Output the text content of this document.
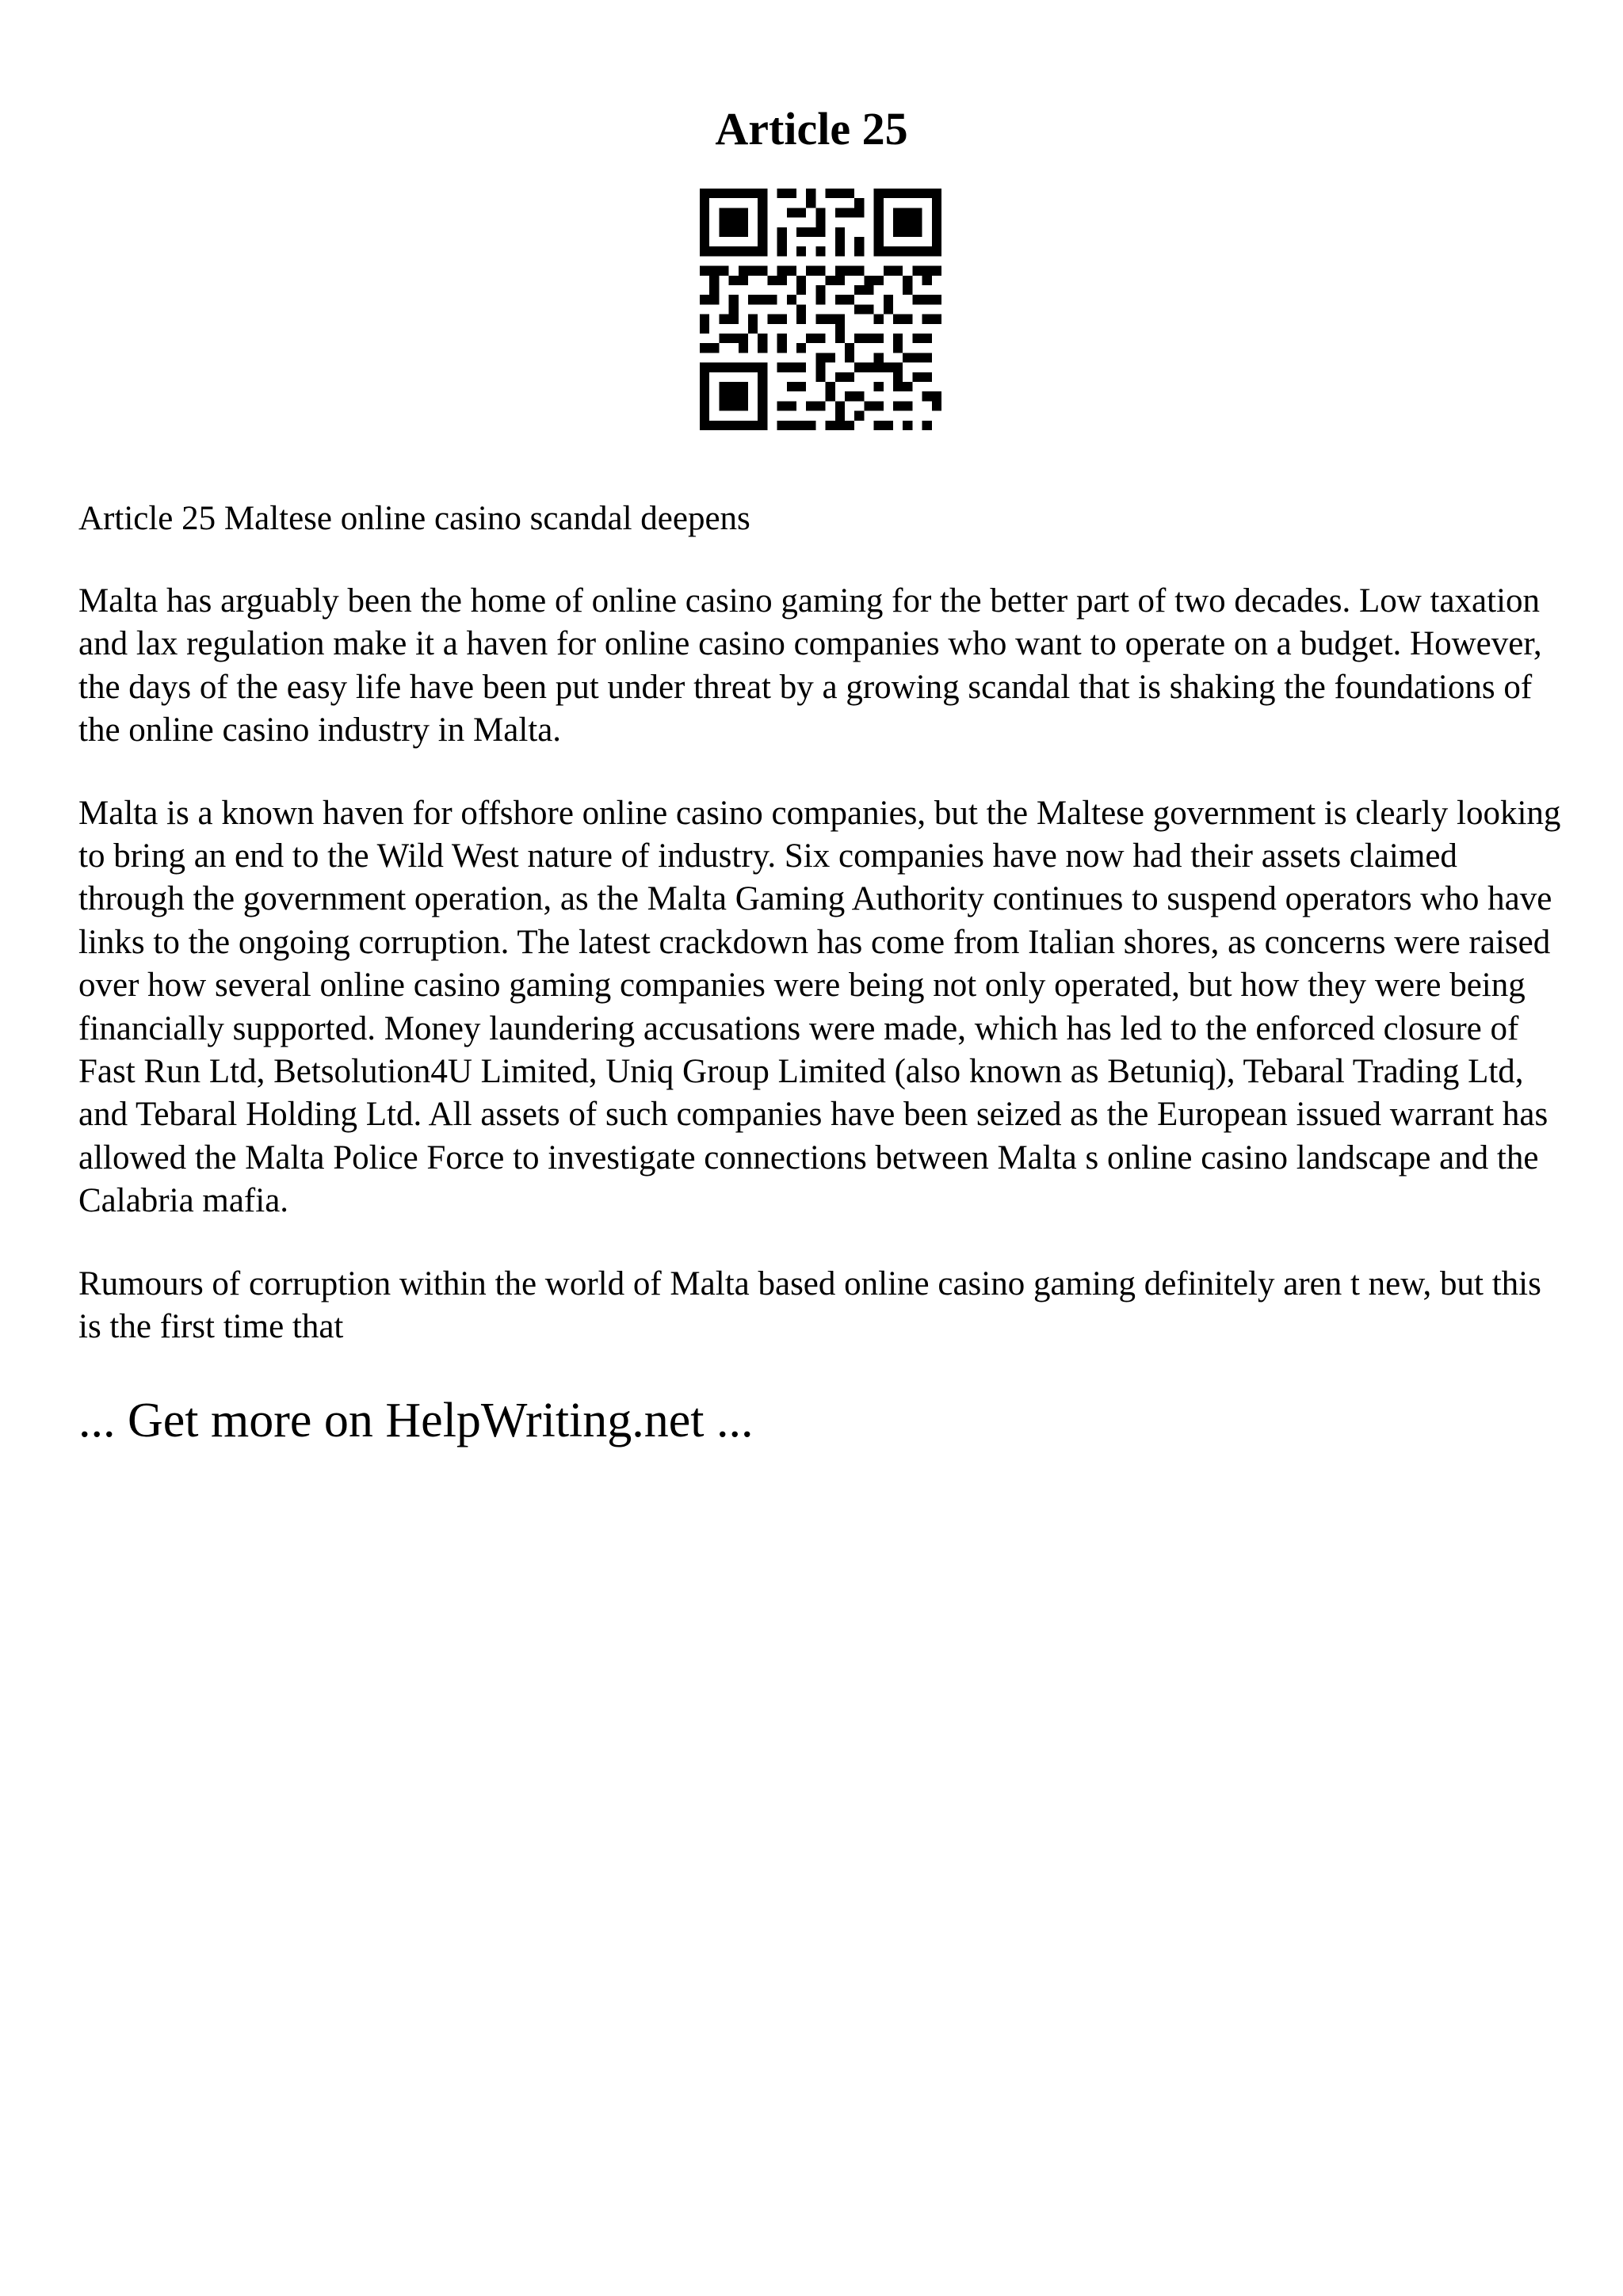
Article 25

Article 25 Maltese online casino scandal deepens

Malta has arguably been the home of online casino gaming for the better part of two decades. Low taxation and lax regulation make it a haven for online casino companies who want to operate on a budget. However, the days of the easy life have been put under threat by a growing scandal that is shaking the foundations of the online casino industry in Malta.

Malta is a known haven for offshore online casino companies, but the Maltese government is clearly looking to bring an end to the Wild West nature of industry. Six companies have now had their assets claimed through the government operation, as the Malta Gaming Authority continues to suspend operators who have links to the ongoing corruption. The latest crackdown has come from Italian shores, as concerns were raised over how several online casino gaming companies were being not only operated, but how they were being financially supported. Money laundering accusations were made, which has led to the enforced closure of Fast Run Ltd, Betsolution4U Limited, Uniq Group Limited (also known as Betuniq), Tebaral Trading Ltd, and Tebaral Holding Ltd. All assets of such companies have been seized as the European issued warrant has allowed the Malta Police Force to investigate connections between Malta s online casino landscape and the Calabria mafia.

Rumours of corruption within the world of Malta based online casino gaming definitely aren t new, but this is the first time that

... Get more on HelpWriting.net ...
